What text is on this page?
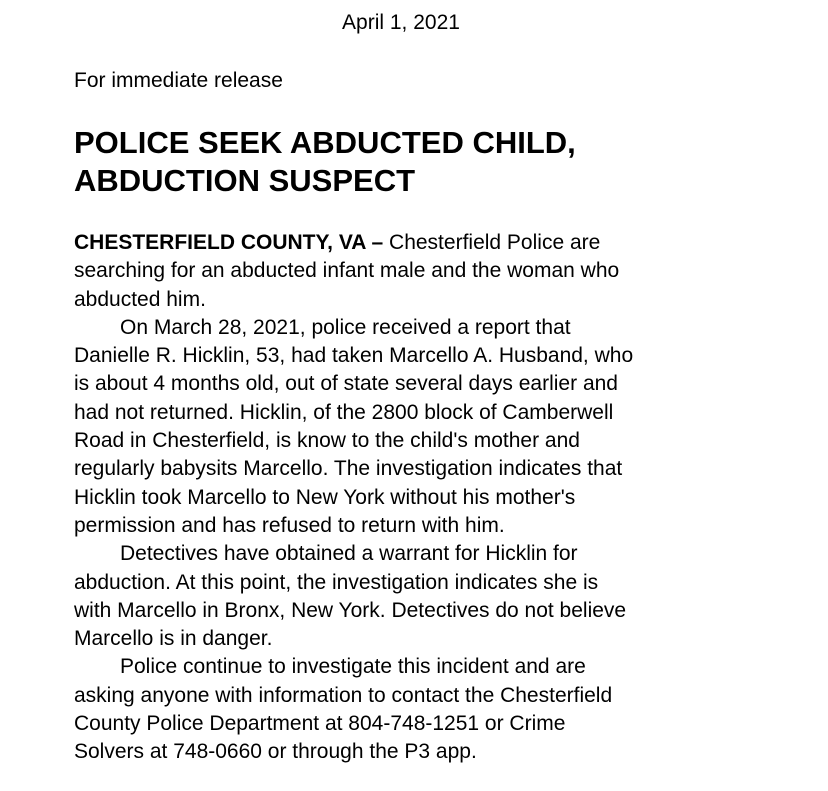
April 1, 2021
For immediate release
POLICE SEEK ABDUCTED CHILD,
ABDUCTION SUSPECT
CHESTERFIELD COUNTY, VA – Chesterfield Police are
searching for an abducted infant male and the woman who
abducted him.
On March 28, 2021, police received a report that
Danielle R. Hicklin, 53, had taken Marcello A. Husband, who
is about 4 months old, out of state several days earlier and
had not returned. Hicklin, of the 2800 block of Camberwell
Road in Chesterfield, is know to the child's mother and
regularly babysits Marcello. The investigation indicates that
Hicklin took Marcello to New York without his mother's
permission and has refused to return with him.
Detectives have obtained a warrant for Hicklin for
abduction. At this point, the investigation indicates she is
with Marcello in Bronx, New York. Detectives do not believe
Marcello is in danger.
Police continue to investigate this incident and are
asking anyone with information to contact the Chesterfield
County Police Department at 804-748-1251 or Crime
Solvers at 748-0660 or through the P3 app.
